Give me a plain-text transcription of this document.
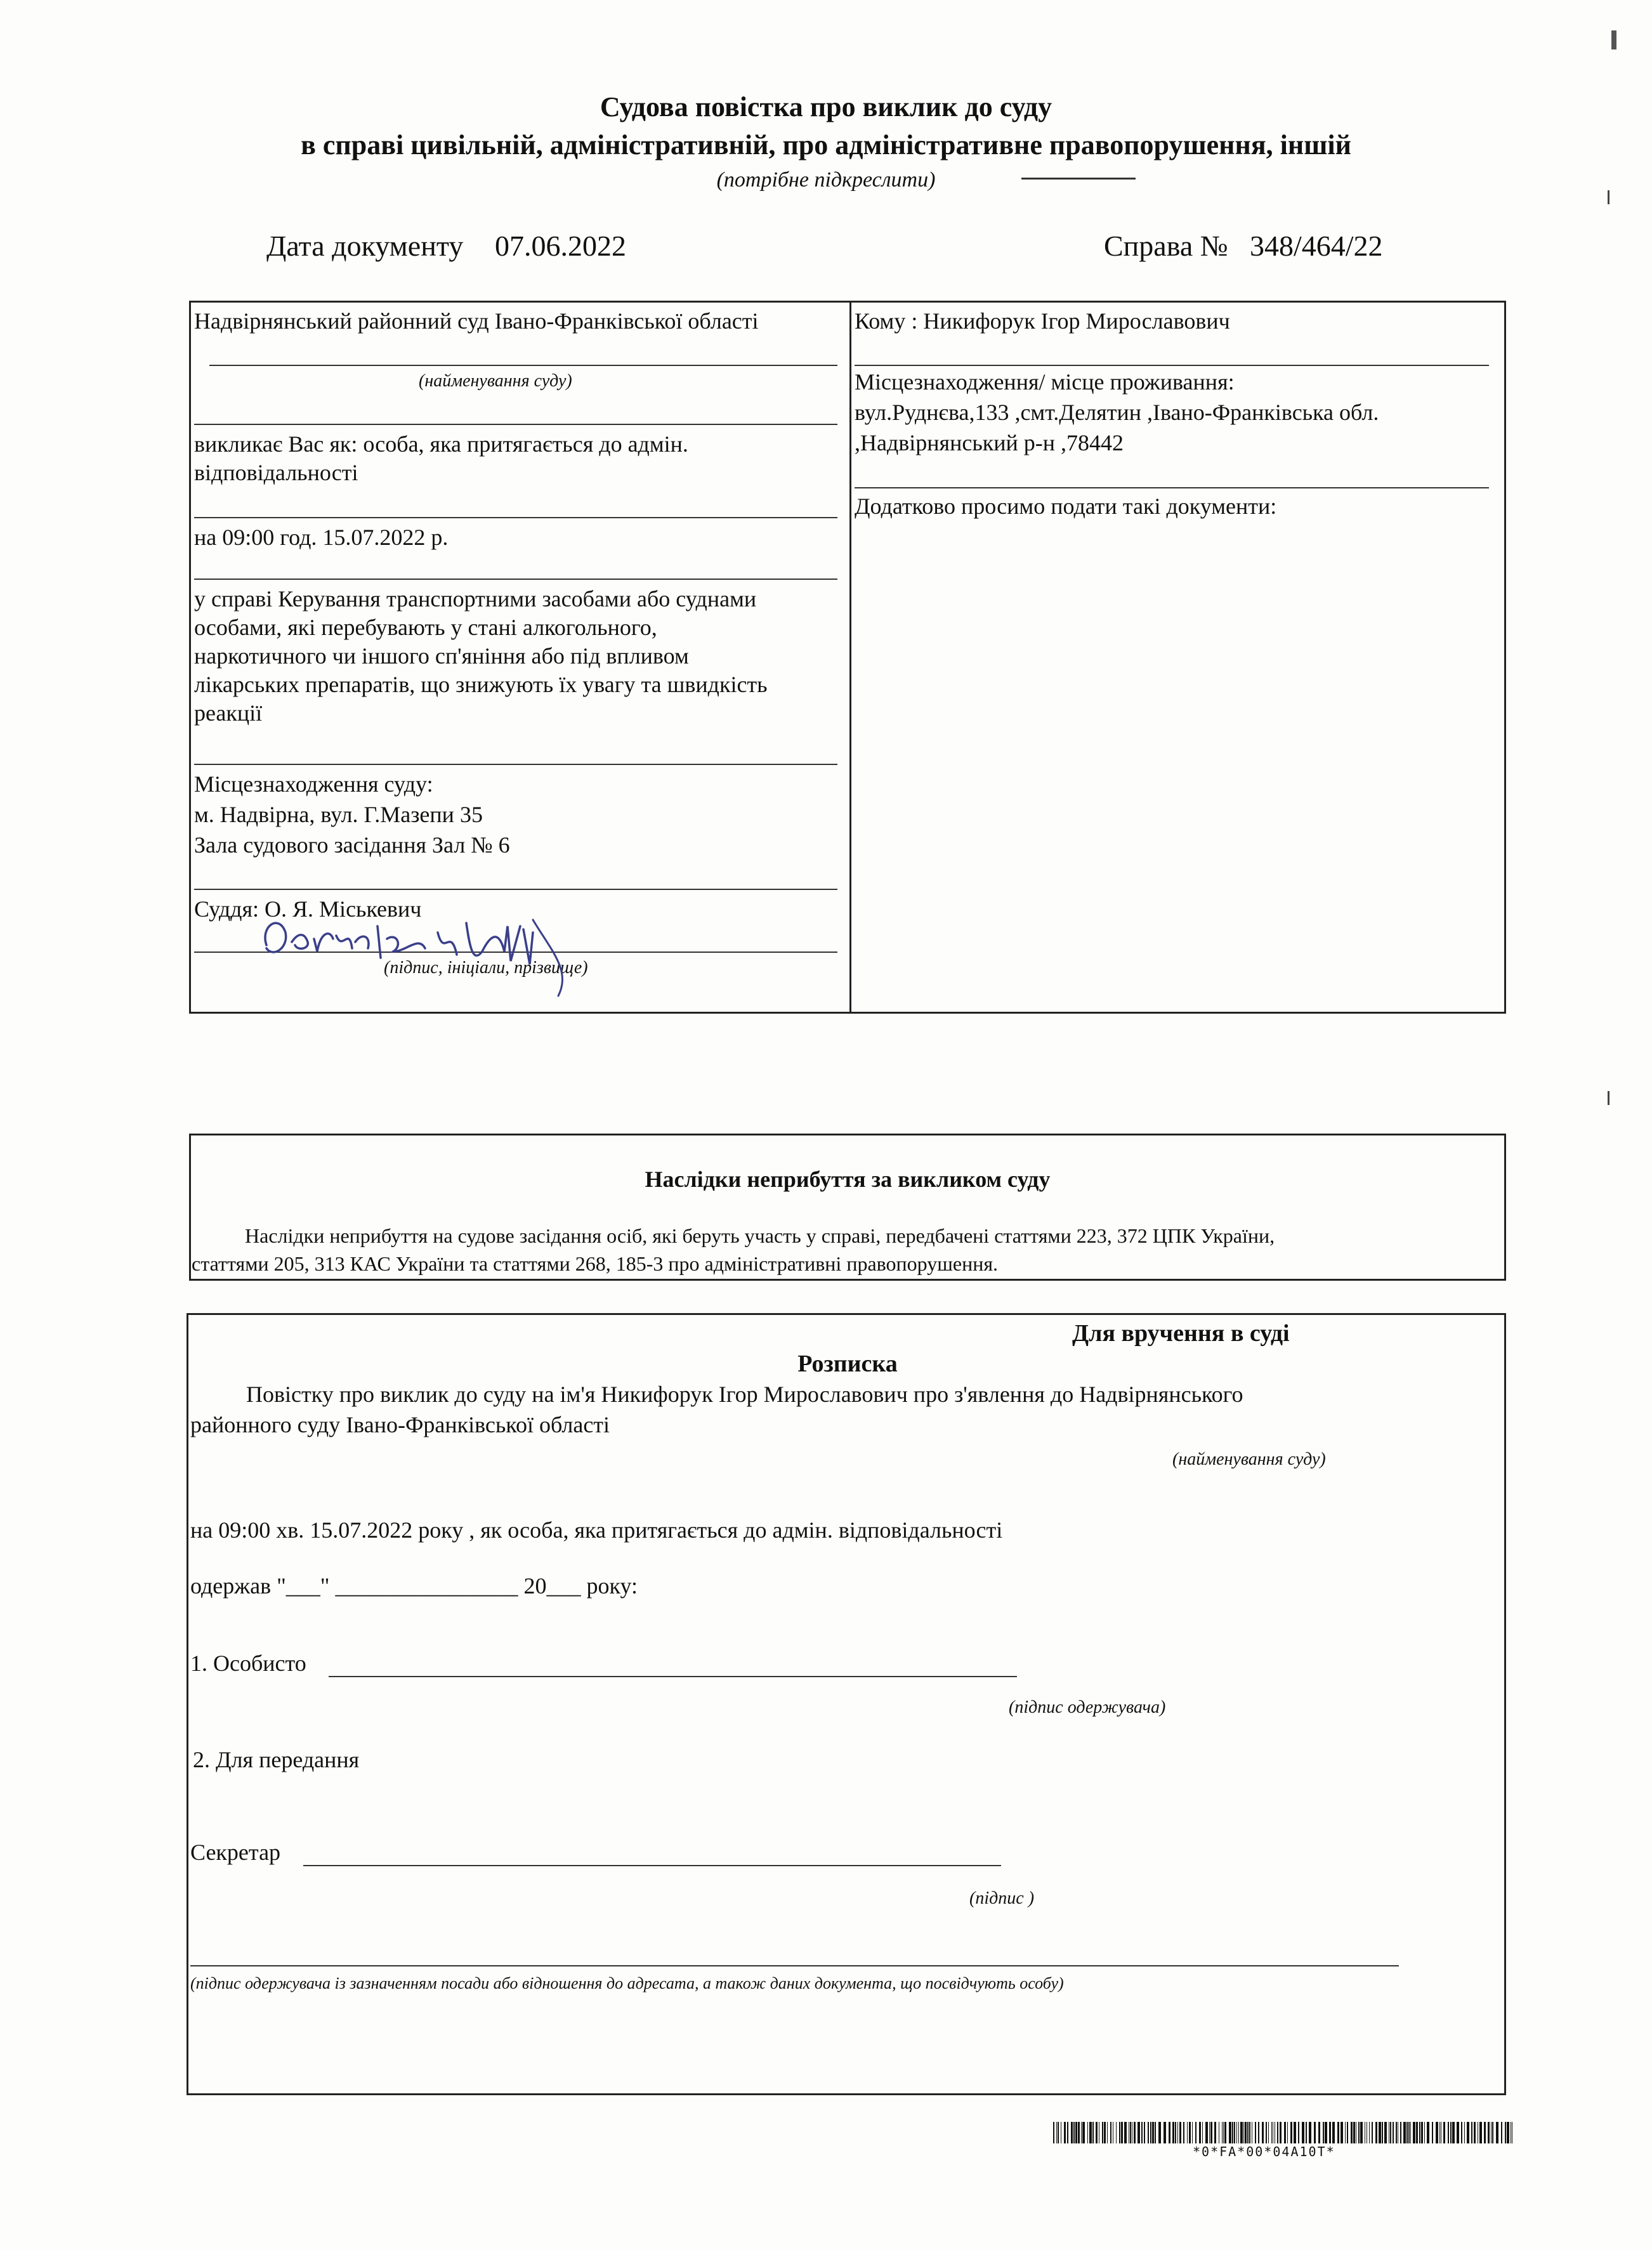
Судова повістка про виклик до суду
в справі цивільній, адміністративній, про адміністративне правопорушення, іншій
(потрібне підкреслити)
Дата документу 07.06.2022	Справа № 348/464/22
Надвірнянський районний суд Івано-Франківської області
(найменування суду)
викликає Вас як: особа, яка притягається до адмін. відповідальності
на 09:00 год. 15.07.2022 р.
у справі Керування транспортними засобами або суднами
особами, які перебувають у стані алкогольного,
наркотичного чи іншого сп'яніння або під впливом
лікарських препаратів, що знижують їх увагу та швидкість
реакції
Місцезнаходження суду:
м. Надвірна, вул. Г.Мазепи 35
Зала судового засідання Зал № 6
Суддя: О. Я. Міськевич
(підпис, ініціали, прізвище)
Кому : Никифорук Ігор Мирославович
Місцезнаходження/ місце проживання:
вул.Руднєва,133 ,смт.Делятин ,Івано-Франківська обл.
,Надвірнянський р-н ,78442
Додатково просимо подати такі документи:
Наслідки неприбуття за викликом суду
Наслідки неприбуття на судове засідання осіб, які беруть участь у справі, передбачені статтями 223, 372 ЦПК України,
статтями 205, 313 КАС України та статтями 268, 185-3 про адміністративні правопорушення.
Для вручення в суді
Розписка
Повістку про виклик до суду на ім'я Никифорук Ігор Мирославович про з'явлення до Надвірнянського
районного суду Івано-Франківської області
(найменування суду)
на 09:00 хв. 15.07.2022 року , як особа, яка притягається до адмін. відповідальності
одержав "___" ________________ 20___ року:
1. Особисто
(підпис одержувача)
2. Для передання
Секретар
(підпис )
(підпис одержувача із зазначенням посади або відношення до адресата, а також даних документа, що посвідчують особу)
*0*FA*00*04A10T*
